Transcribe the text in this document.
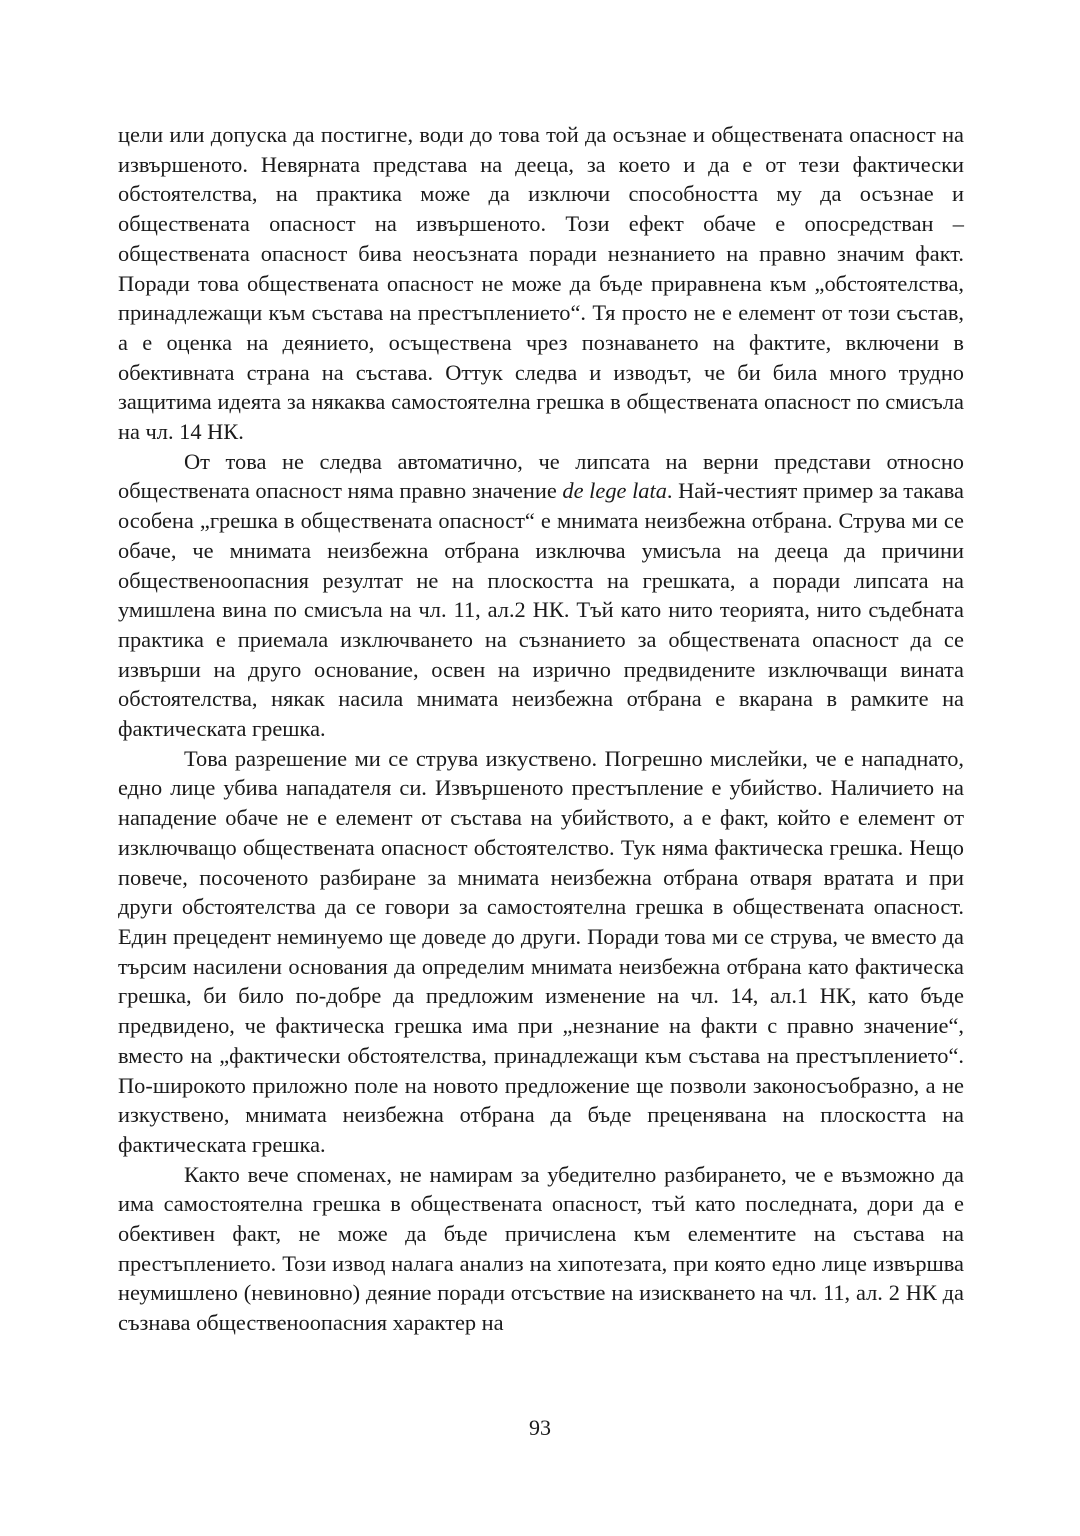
цели или допуска да постигне, води до това той да осъзнае и обществената опасност на извършеното. Невярната представа на дееца, за което и да е от тези фактически обстоятелства, на практика може да изключи способността му да осъзнае и обществената опасност на извършеното. Този ефект обаче е опосредстван – обществената опасност бива неосъзната поради незнанието на правно значим факт. Поради това обществената опасност не може да бъде приравнена към „обстоятелства, принадлежащи към състава на престъплението“. Тя просто не е елемент от този състав, а е оценка на деянието, осъществена чрез познаването на фактите, включени в обективната страна на състава. Оттук следва и изводът, че би била много трудно защитима идеята за някаква самостоятелна грешка в обществената опасност по смисъла на чл. 14 НК.

От това не следва автоматично, че липсата на верни представи относно обществената опасност няма правно значение de lege lata. Най-честият пример за такава особена „грешка в обществената опасност“ е мнимата неизбежна отбрана. Струва ми се обаче, че мнимата неизбежна отбрана изключва умисъла на дееца да причини общественоопасния резултат не на плоскостта на грешката, а поради липсата на умишлена вина по смисъла на чл. 11, ал.2 НК. Тъй като нито теорията, нито съдебната практика е приемала изключването на съзнанието за обществената опасност да се извърши на друго основание, освен на изрично предвидените изключващи вината обстоятелства, някак насила мнимата неизбежна отбрана е вкарана в рамките на фактическата грешка.

Това разрешение ми се струва изкуствено. Погрешно мислейки, че е нападнато, едно лице убива нападателя си. Извършеното престъпление е убийство. Наличието на нападение обаче не е елемент от състава на убийството, а е факт, който е елемент от изключващо обществената опасност обстоятелство. Тук няма фактическа грешка. Нещо повече, посоченото разбиране за мнимата неизбежна отбрана отваря вратата и при други обстоятелства да се говори за самостоятелна грешка в обществената опасност. Един прецедент неминуемо ще доведе до други. Поради това ми се струва, че вместо да търсим насилени основания да определим мнимата неизбежна отбрана като фактическа грешка, би било по-добре да предложим изменение на чл. 14, ал.1 НК, като бъде предвидено, че фактическа грешка има при „незнание на факти с правно значение“, вместо на „фактически обстоятелства, принадлежащи към състава на престъплението“. По-широкото приложно поле на новото предложение ще позволи законосъобразно, а не изкуствено, мнимата неизбежна отбрана да бъде преценявана на плоскостта на фактическата грешка.

Както вече споменах, не намирам за убедително разбирането, че е възможно да има самостоятелна грешка в обществената опасност, тъй като последната, дори да е обективен факт, не може да бъде причислена към елементите на състава на престъплението. Този извод налага анализ на хипотезата, при която едно лице извършва неумишлено (невиновно) деяние поради отсъствие на изискването на чл. 11, ал. 2 НК да съзнава общественоопасния характер на

93
